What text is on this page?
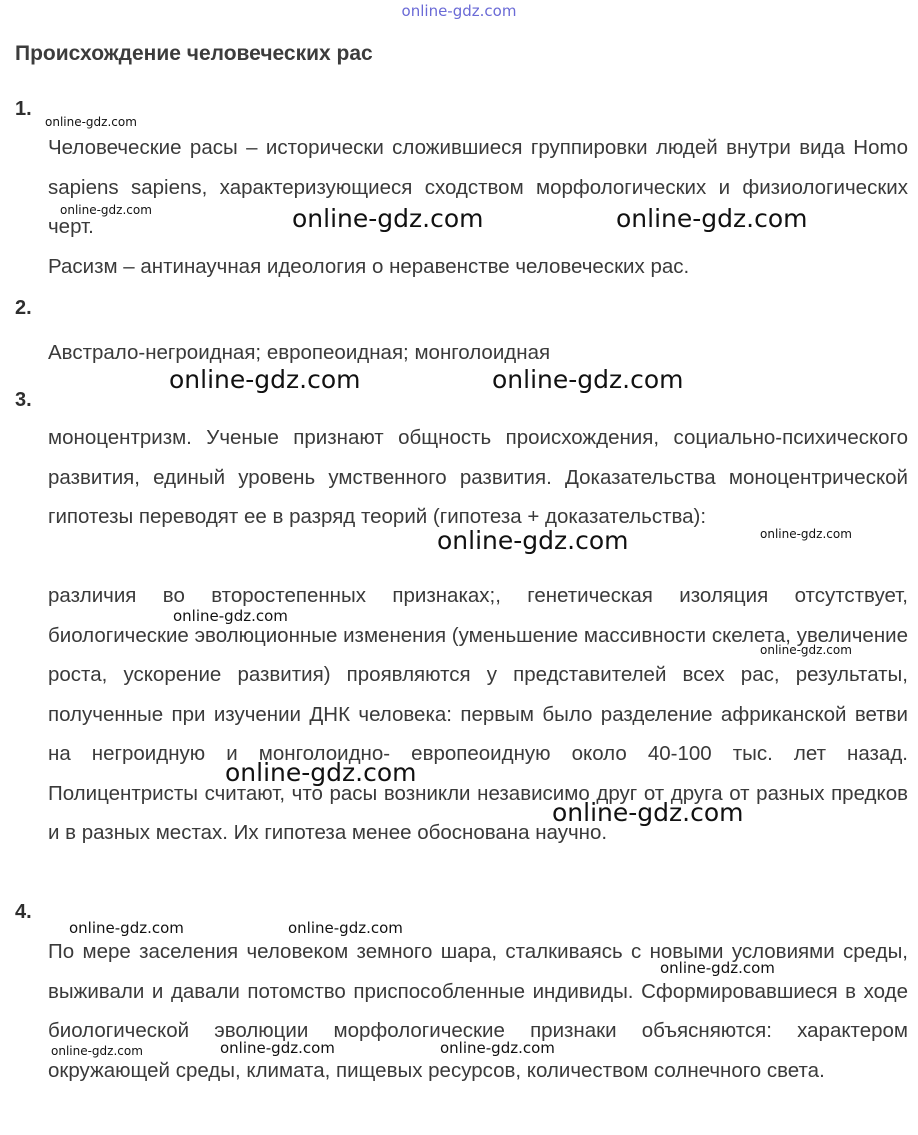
online-gdz.com
Происхождение человеческих рас
1.

Человеческие расы – исторически сложившиеся группировки людей внутри вида Homo sapiens sapiens, характеризующиеся сходством морфологических и физиологических черт.

Расизм – антинаучная идеология о неравенстве человеческих рас.

2.

Австрало-негроидная; европеоидная; монголоидная

3.

моноцентризм. Ученые признают общность происхождения, социально-психического развития, единый уровень умственного развития. Доказательства моноцентрической гипотезы переводят ее в разряд теорий (гипотеза + доказательства):

различия во второстепенных признаках;, генетическая изоляция отсутствует, биологические эволюционные изменения (уменьшение массивности скелета, увеличение роста, ускорение развития) проявляются у представителей всех рас, результаты, полученные при изучении ДНК человека: первым было разделение африканской ветви на негроидную и монголоидно- европеоидную около 40-100 тыс. лет назад. Полицентристы считают, что расы возникли независимо друг от друга от разных предков и в разных местах. Их гипотеза менее обоснована научно.

4.

По мере заселения человеком земного шара, сталкиваясь с новыми условиями среды, выживали и давали потомство приспособленные индивиды. Сформировавшиеся в ходе биологической эволюции морфологические признаки объясняются: характером окружающей среды, климата, пищевых ресурсов, количеством солнечного света.

online-gdz.com
online-gdz.com	online-gdz.com	online-gdz.com
online-gdz.com	online-gdz.com
online-gdz.com	online-gdz.com
online-gdz.com
online-gdz.com
online-gdz.com
online-gdz.com
online-gdz.com	online-gdz.com
online-gdz.com
online-gdz.com	online-gdz.com	online-gdz.com
